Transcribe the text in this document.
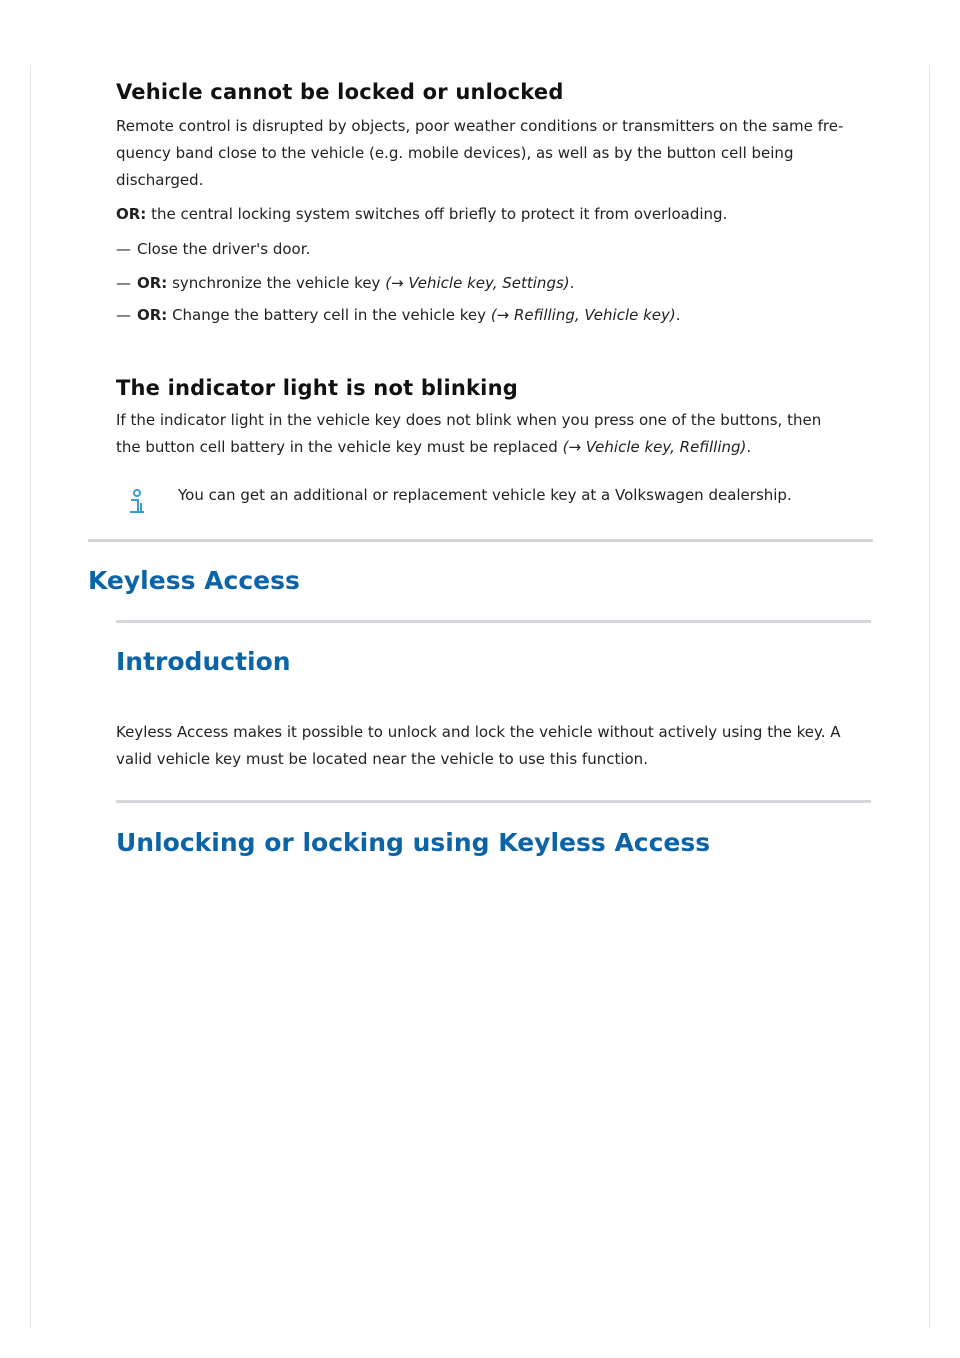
Vehicle cannot be locked or unlocked
Remote control is disrupted by objects, poor weather conditions or transmitters on the same fre-
quency band close to the vehicle (e.g. mobile devices), as well as by the button cell being
discharged.
OR: the central locking system switches off briefly to protect it from overloading.
— Close the driver's door.
— OR: synchronize the vehicle key (→ Vehicle key, Settings).
— OR: Change the battery cell in the vehicle key (→ Refilling, Vehicle key).
The indicator light is not blinking
If the indicator light in the vehicle key does not blink when you press one of the buttons, then
the button cell battery in the vehicle key must be replaced (→ Vehicle key, Refilling).
You can get an additional or replacement vehicle key at a Volkswagen dealership.
Keyless Access
Introduction
Keyless Access makes it possible to unlock and lock the vehicle without actively using the key. A
valid vehicle key must be located near the vehicle to use this function.
Unlocking or locking using Keyless Access
